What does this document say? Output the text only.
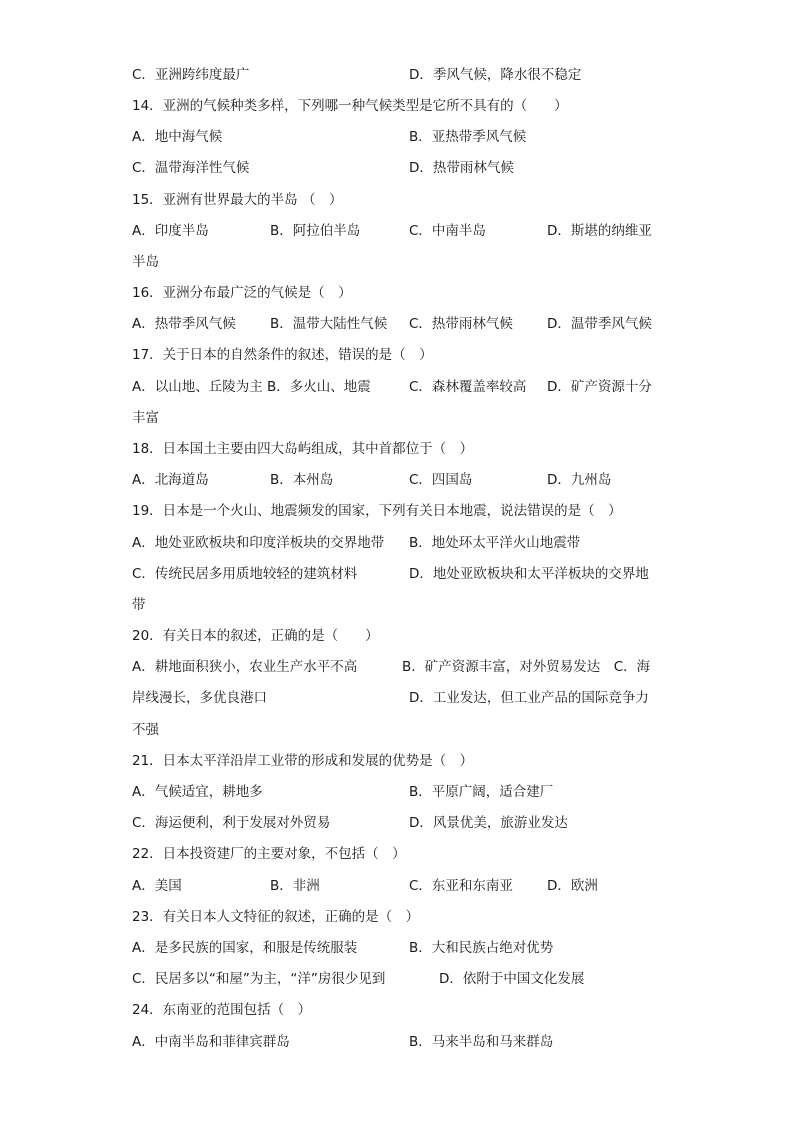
C．亚洲跨纬度最广	D．季风气候，降水很不稳定
14．亚洲的气候种类多样，下列哪一种气候类型是它所不具有的（　　）
A．地中海气候	B．亚热带季风气候
C．温带海洋性气候	D．热带雨林气候
15．亚洲有世界最大的半岛 （　）
A．印度半岛	B．阿拉伯半岛	C．中南半岛	D．斯堪的纳维亚
半岛
16．亚洲分布最广泛的气候是（　）
A．热带季风气候	B．温带大陆性气候 C．热带雨林气候	D．温带季风气候
17．关于日本的自然条件的叙述，错误的是（　）
A．以山地、丘陵为主 B．多火山、地震	C．森林覆盖率较高 D．矿产资源十分
丰富
18．日本国土主要由四大岛屿组成，其中首都位于（　）
A．北海道岛	B．本州岛	C．四国岛	D．九州岛
19．日本是一个火山、地震频发的国家，下列有关日本地震，说法错误的是（　）
A．地处亚欧板块和印度洋板块的交界地带 B．地处环太平洋火山地震带
C．传统民居多用质地较轻的建筑材料	D．地处亚欧板块和太平洋板块的交界地
带
20．有关日本的叙述，正确的是（　　）
A．耕地面积狭小，农业生产水平不高	B．矿产资源丰富，对外贸易发达　C．海
岸线漫长，多优良港口	D．工业发达，但工业产品的国际竞争力
不强
21．日本太平洋沿岸工业带的形成和发展的优势是（　）
A．气候适宜，耕地多	B．平原广阔，适合建厂
C．海运便利，利于发展对外贸易	D．风景优美，旅游业发达
22．日本投资建厂的主要对象，不包括（　）
A．美国	B．非洲	C．东亚和东南亚	D．欧洲
23．有关日本人文特征的叙述，正确的是（　）
A．是多民族的国家，和服是传统服装	B．大和民族占绝对优势
C．民居多以“和屋”为主，“洋”房很少见到	D．依附于中国文化发展
24．东南亚的范围包括（　）
A．中南半岛和菲律宾群岛	B．马来半岛和马来群岛
